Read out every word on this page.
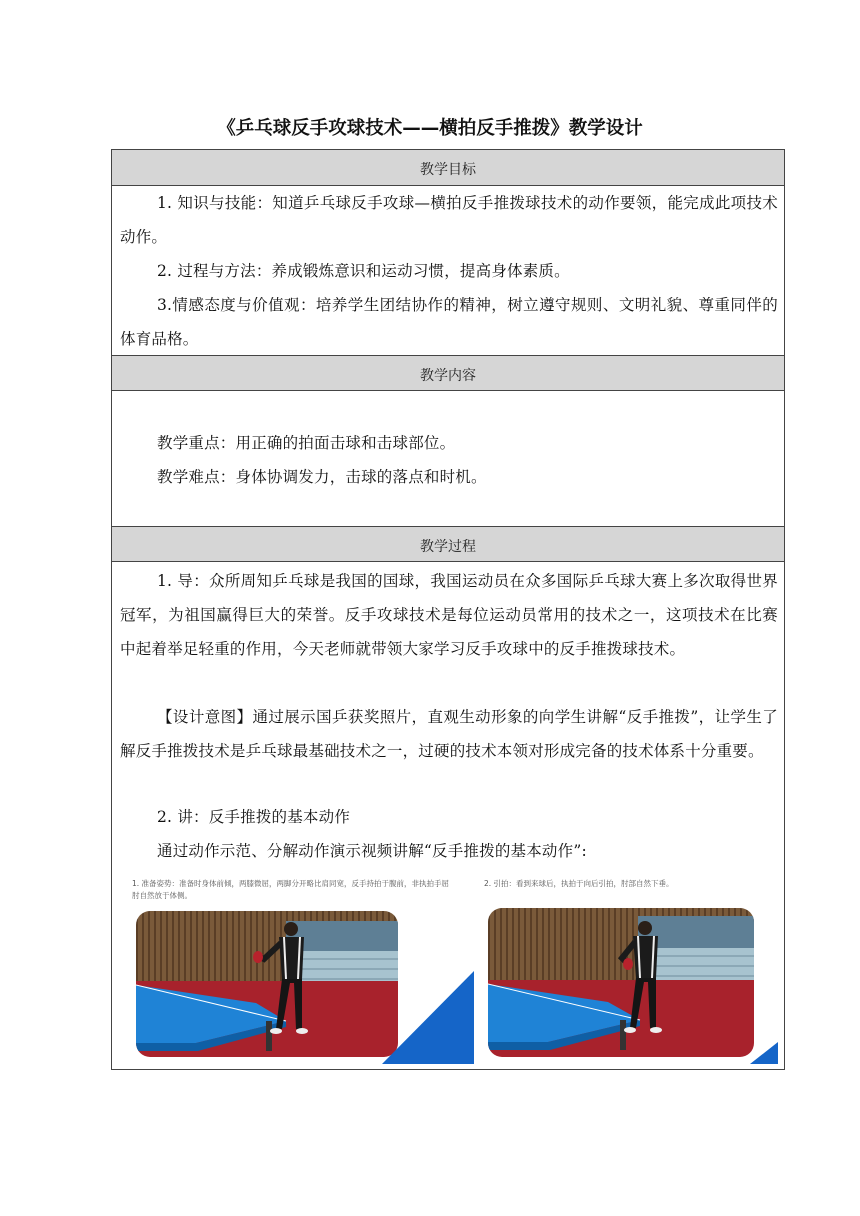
《乒乓球反手攻球技术——横拍反手推拨》教学设计
教学目标
1. 知识与技能：知道乒乓球反手攻球—横拍反手推拨球技术的动作要领，能完成此项技术动作。
2. 过程与方法：养成锻炼意识和运动习惯，提高身体素质。
3.情感态度与价值观：培养学生团结协作的精神，树立遵守规则、文明礼貌、尊重同伴的体育品格。
教学内容
教学重点：用正确的拍面击球和击球部位。
教学难点：身体协调发力，击球的落点和时机。
教学过程
1. 导：众所周知乒乓球是我国的国球，我国运动员在众多国际乒乓球大赛上多次取得世界冠军，为祖国赢得巨大的荣誉。反手攻球技术是每位运动员常用的技术之一，这项技术在比赛中起着举足轻重的作用，今天老师就带领大家学习反手攻球中的反手推拨球技术。
【设计意图】通过展示国乒获奖照片，直观生动形象的向学生讲解“反手推拨”，让学生了解反手推拨技术是乒乓球最基础技术之一，过硬的技术本领对形成完备的技术体系十分重要。
2. 讲：反手推拨的基本动作
通过动作示范、分解动作演示视频讲解“反手推拨的基本动作”:
1. 准备姿势：准备时身体前倾，两膝微屈，两脚分开略比肩同宽，反手持拍于腹前，非执拍手屈肘自然放于体侧。
2. 引拍：看到来球后，执拍于向后引拍，肘部自然下垂。
